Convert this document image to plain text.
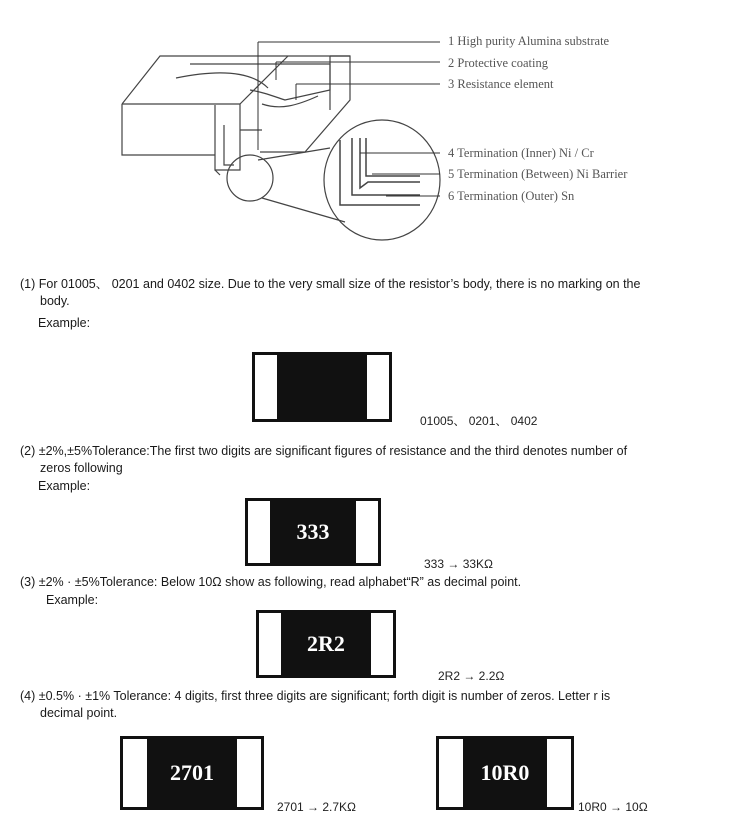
1 High purity Alumina substrate
2 Protective coating
3 Resistance element
4 Termination (Inner) Ni / Cr
5 Termination (Between) Ni Barrier
6 Termination (Outer) Sn
(1) For 01005、 0201 and 0402 size. Due to the very small size of the resistor’s body, there is no marking on the
body.
Example:
01005、 0201、 0402
(2) ±2%,±5%Tolerance:The first two digits are significant figures of resistance and the third denotes number of
zeros following
Example:
333
333 → 33KΩ
(3) ±2% · ±5%Tolerance: Below 10Ω show as following, read alphabet“R” as decimal point.
Example:
2R2
2R2 → 2.2Ω
(4) ±0.5% · ±1% Tolerance: 4 digits, first three digits are significant; forth digit is number of zeros. Letter r is
decimal point.
2701
2701 → 2.7KΩ
10R0
10R0 → 10Ω
